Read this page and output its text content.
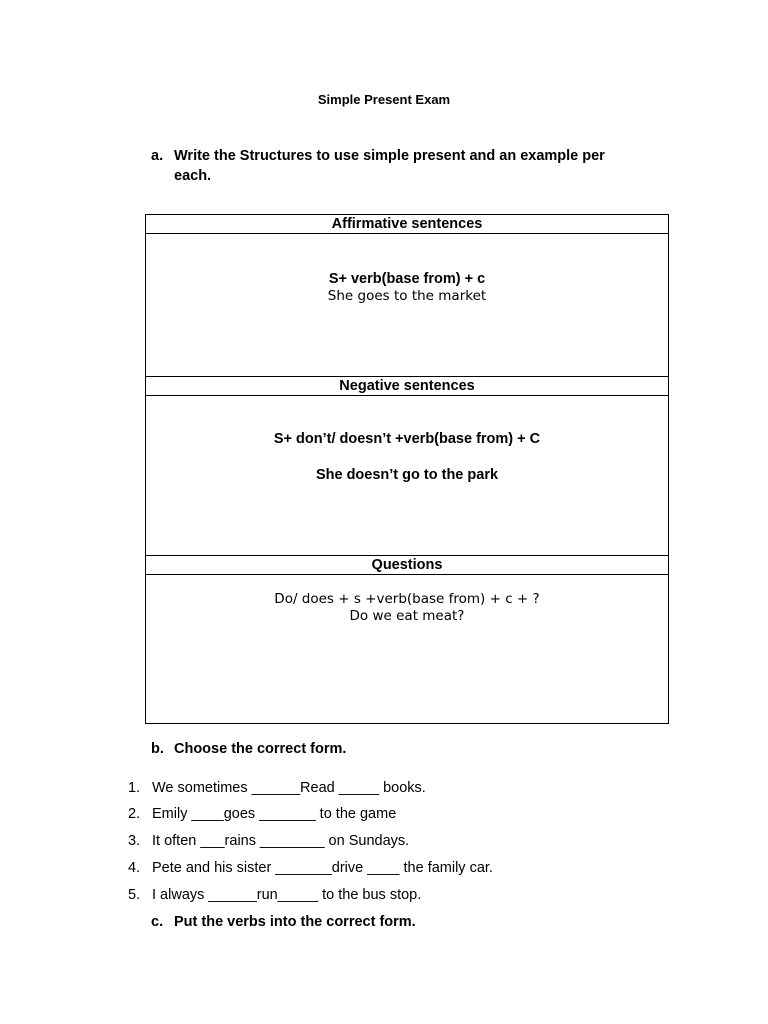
Simple Present Exam
a. Write the Structures to use simple present and an example per
each.
Affirmative sentences
S+ verb(base from) + c
She goes to the market
Negative sentences
S+ don’t/ doesn’t +verb(base from) + C
She doesn’t go to the park
Questions
Do/ does + s +verb(base from) + c + ?
Do we eat meat?
b. Choose the correct form.
1. We sometimes ______Read _____ books.
2. Emily ____goes _______ to the game
3. It often ___rains ________ on Sundays.
4. Pete and his sister _______drive ____ the family car.
5. I always ______run_____ to the bus stop.
c. Put the verbs into the correct form.
